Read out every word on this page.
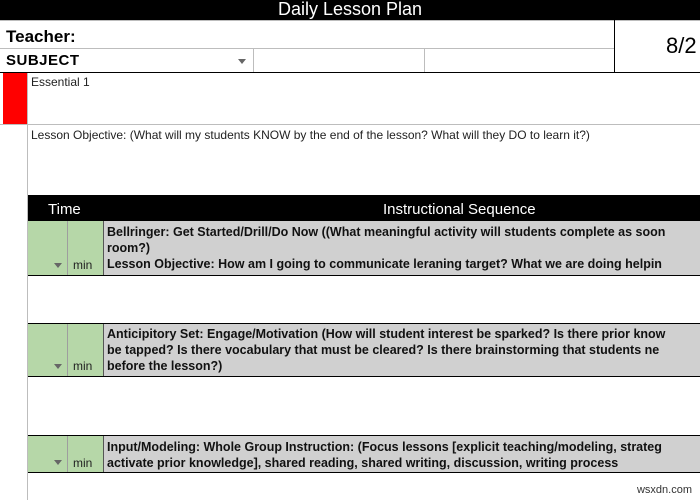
Daily Lesson Plan
Teacher:	8/2
SUBJECT
Essential 1
Lesson Objective: (What will my students KNOW by the end of the lesson? What will they DO to learn it?)
Time	Instructional Sequence
min
Bellringer: Get Started/Drill/Do Now ((What meaningful activity will students complete as soon
room?)
Lesson Objective: How am I going to communicate leraning target? What we are doing helpin
min
Anticipitory Set: Engage/Motivation (How will student interest be sparked? Is there prior know
be tapped? Is there vocabulary that must be cleared? Is there brainstorming that students ne
before the lesson?)
min
Input/Modeling: Whole Group Instruction: (Focus lessons [explicit teaching/modeling, strateg
activate prior knowledge], shared reading, shared writing, discussion, writing process
wsxdn.com
